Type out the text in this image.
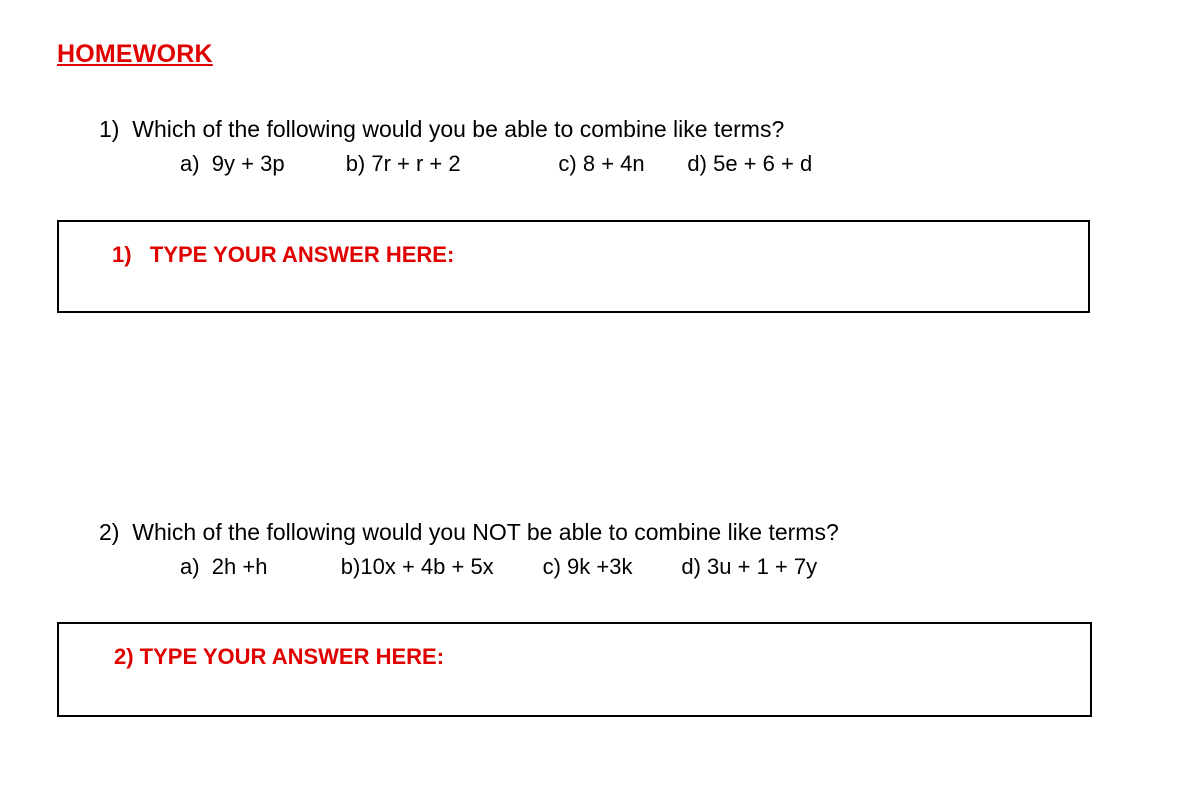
HOMEWORK
1)  Which of the following would you be able to combine like terms?
a)  9y + 3p          b) 7r + r + 2                c) 8 + 4n       d) 5e + 6 + d
1)   TYPE YOUR ANSWER HERE:
2)  Which of the following would you NOT be able to combine like terms?
a)  2h +h            b)10x + 4b + 5x        c) 9k +3k        d) 3u + 1 + 7y
2) TYPE YOUR ANSWER HERE:
